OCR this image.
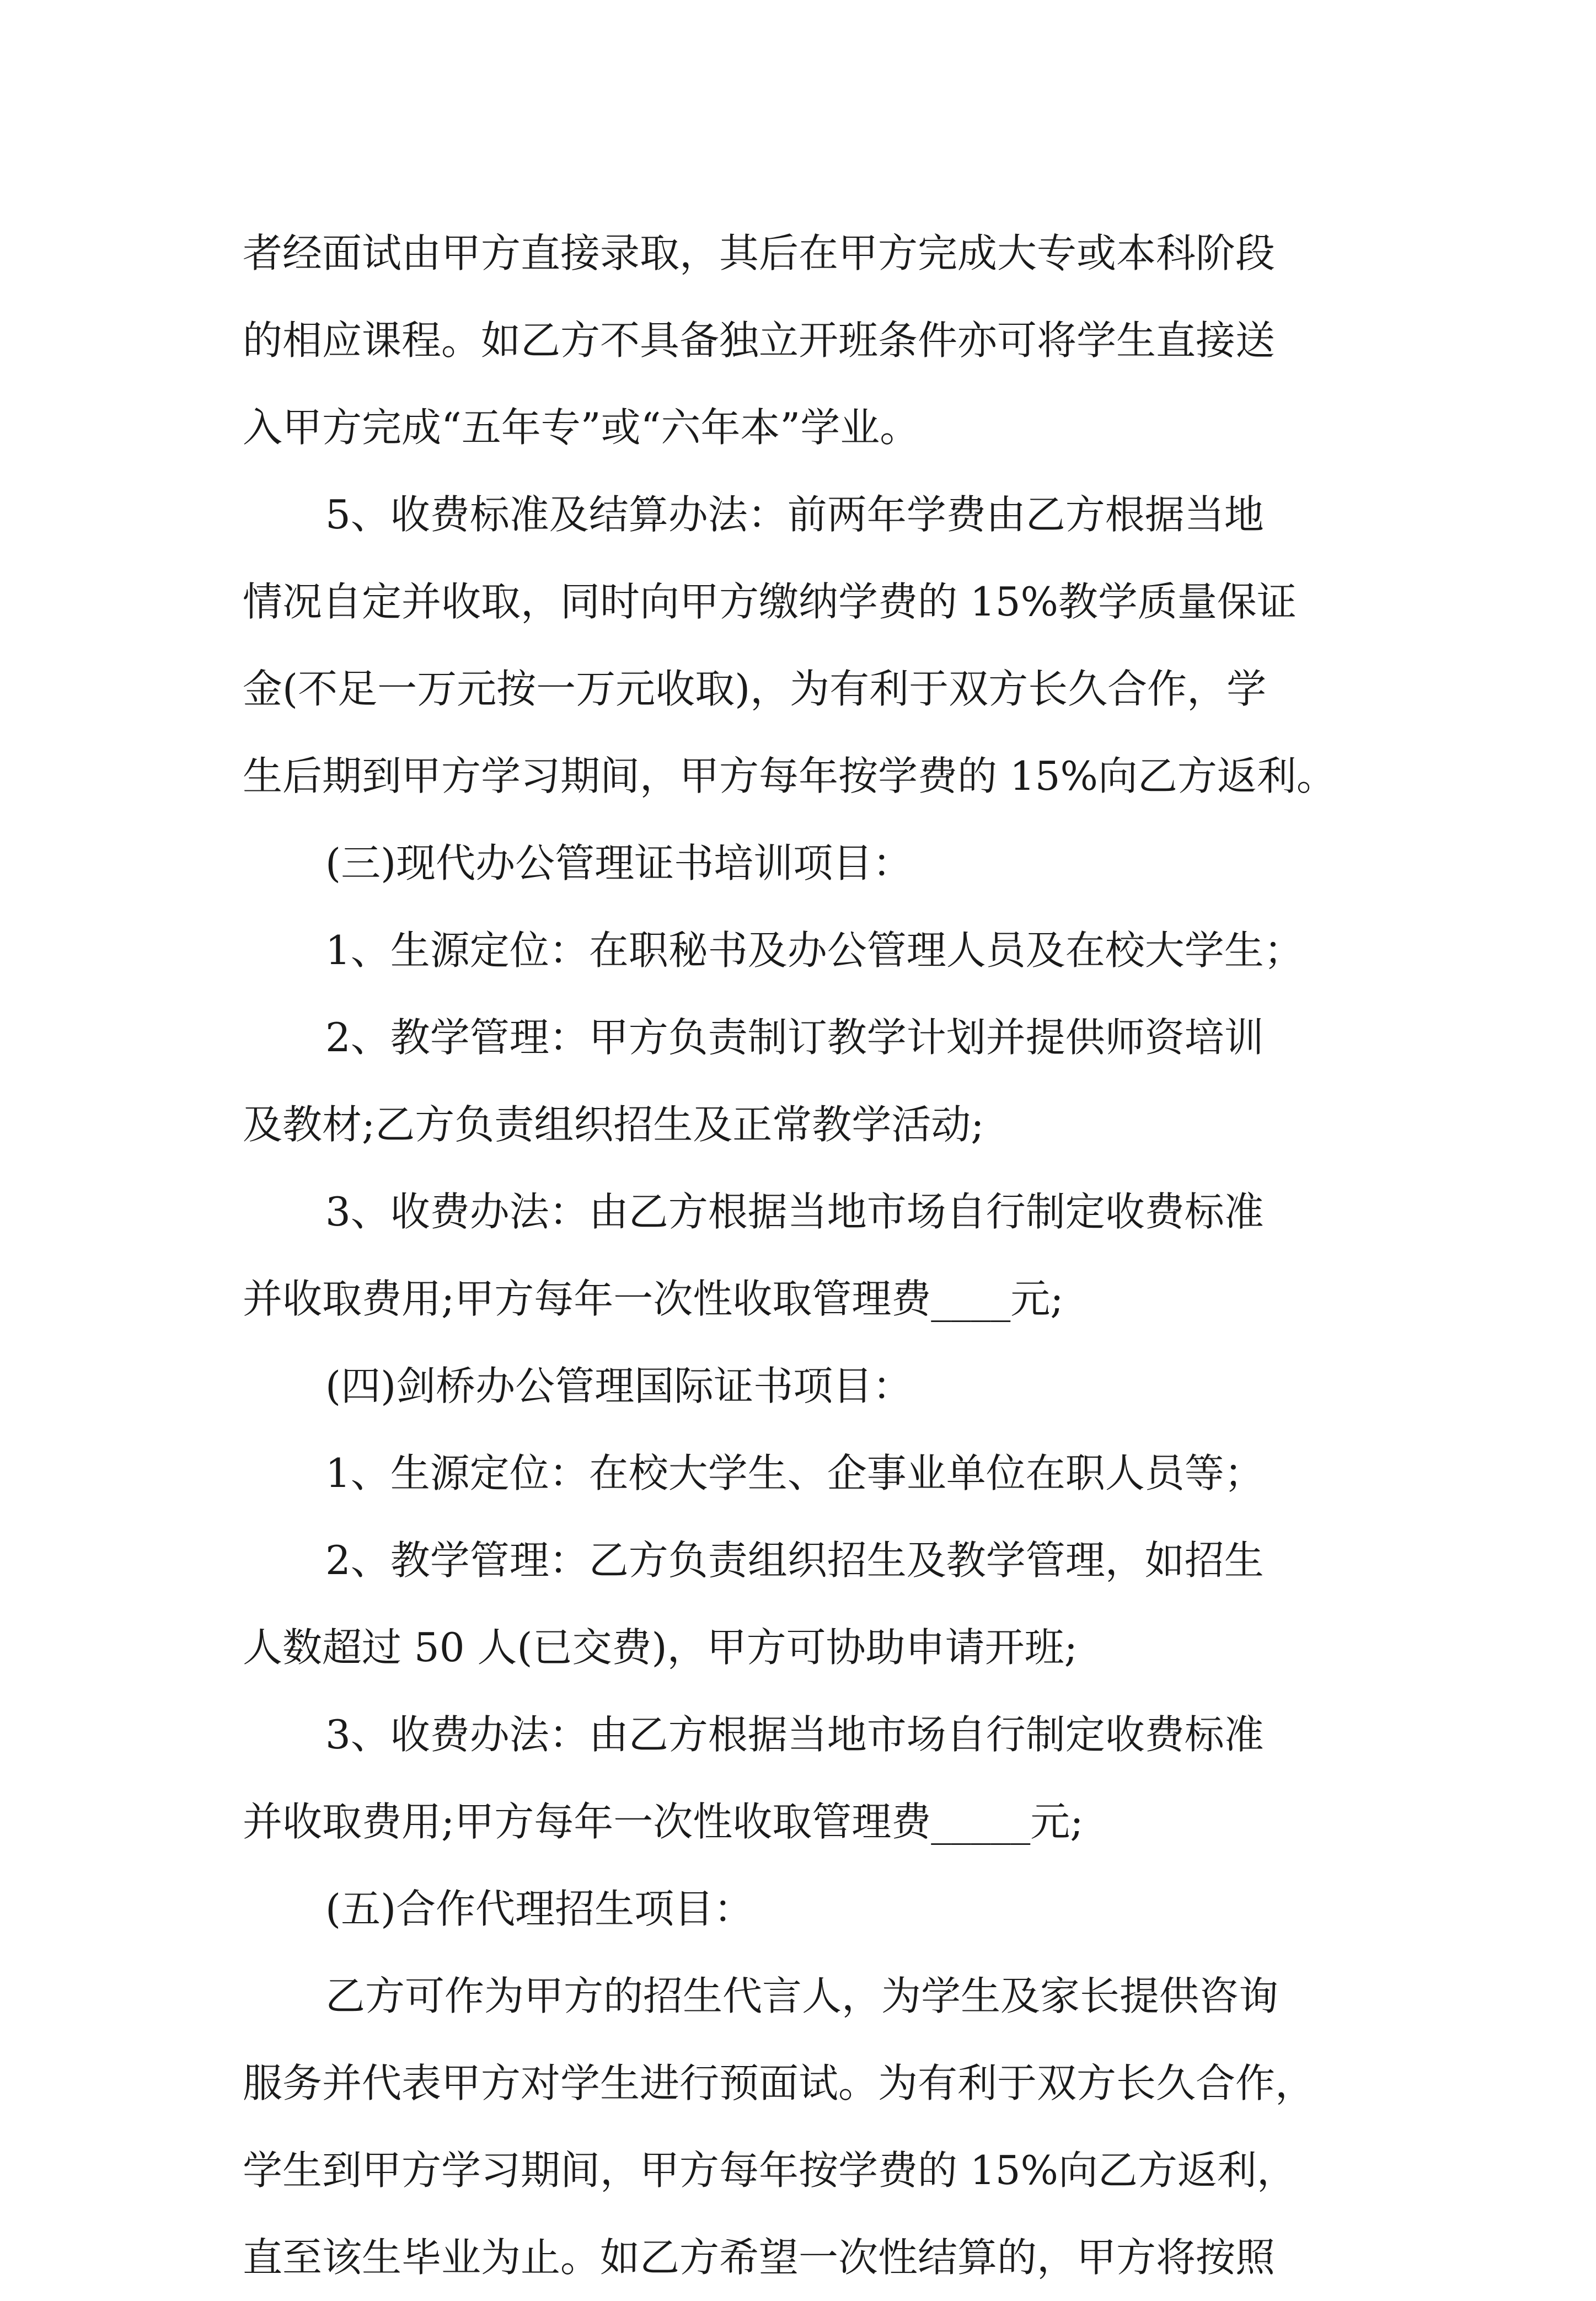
者经面试由甲方直接录取，其后在甲方完成大专或本科阶段
的相应课程。如乙方不具备独立开班条件亦可将学生直接送
入甲方完成“五年专”或“六年本”学业。
5、收费标准及结算办法：前两年学费由乙方根据当地
情况自定并收取，同时向甲方缴纳学费的 15%教学质量保证
金(不足一万元按一万元收取)，为有利于双方长久合作，学
生后期到甲方学习期间，甲方每年按学费的 15%向乙方返利。
(三)现代办公管理证书培训项目：
1、生源定位：在职秘书及办公管理人员及在校大学生；
2、教学管理：甲方负责制订教学计划并提供师资培训
及教材;乙方负责组织招生及正常教学活动;
3、收费办法：由乙方根据当地市场自行制定收费标准
并收取费用;甲方每年一次性收取管理费____元;
(四)剑桥办公管理国际证书项目：
1、生源定位：在校大学生、企事业单位在职人员等；
2、教学管理：乙方负责组织招生及教学管理，如招生
人数超过 50 人(已交费)，甲方可协助申请开班;
3、收费办法：由乙方根据当地市场自行制定收费标准
并收取费用;甲方每年一次性收取管理费_____元;
(五)合作代理招生项目：
乙方可作为甲方的招生代言人，为学生及家长提供咨询
服务并代表甲方对学生进行预面试。为有利于双方长久合作，
学生到甲方学习期间，甲方每年按学费的 15%向乙方返利，
直至该生毕业为止。如乙方希望一次性结算的，甲方将按照
